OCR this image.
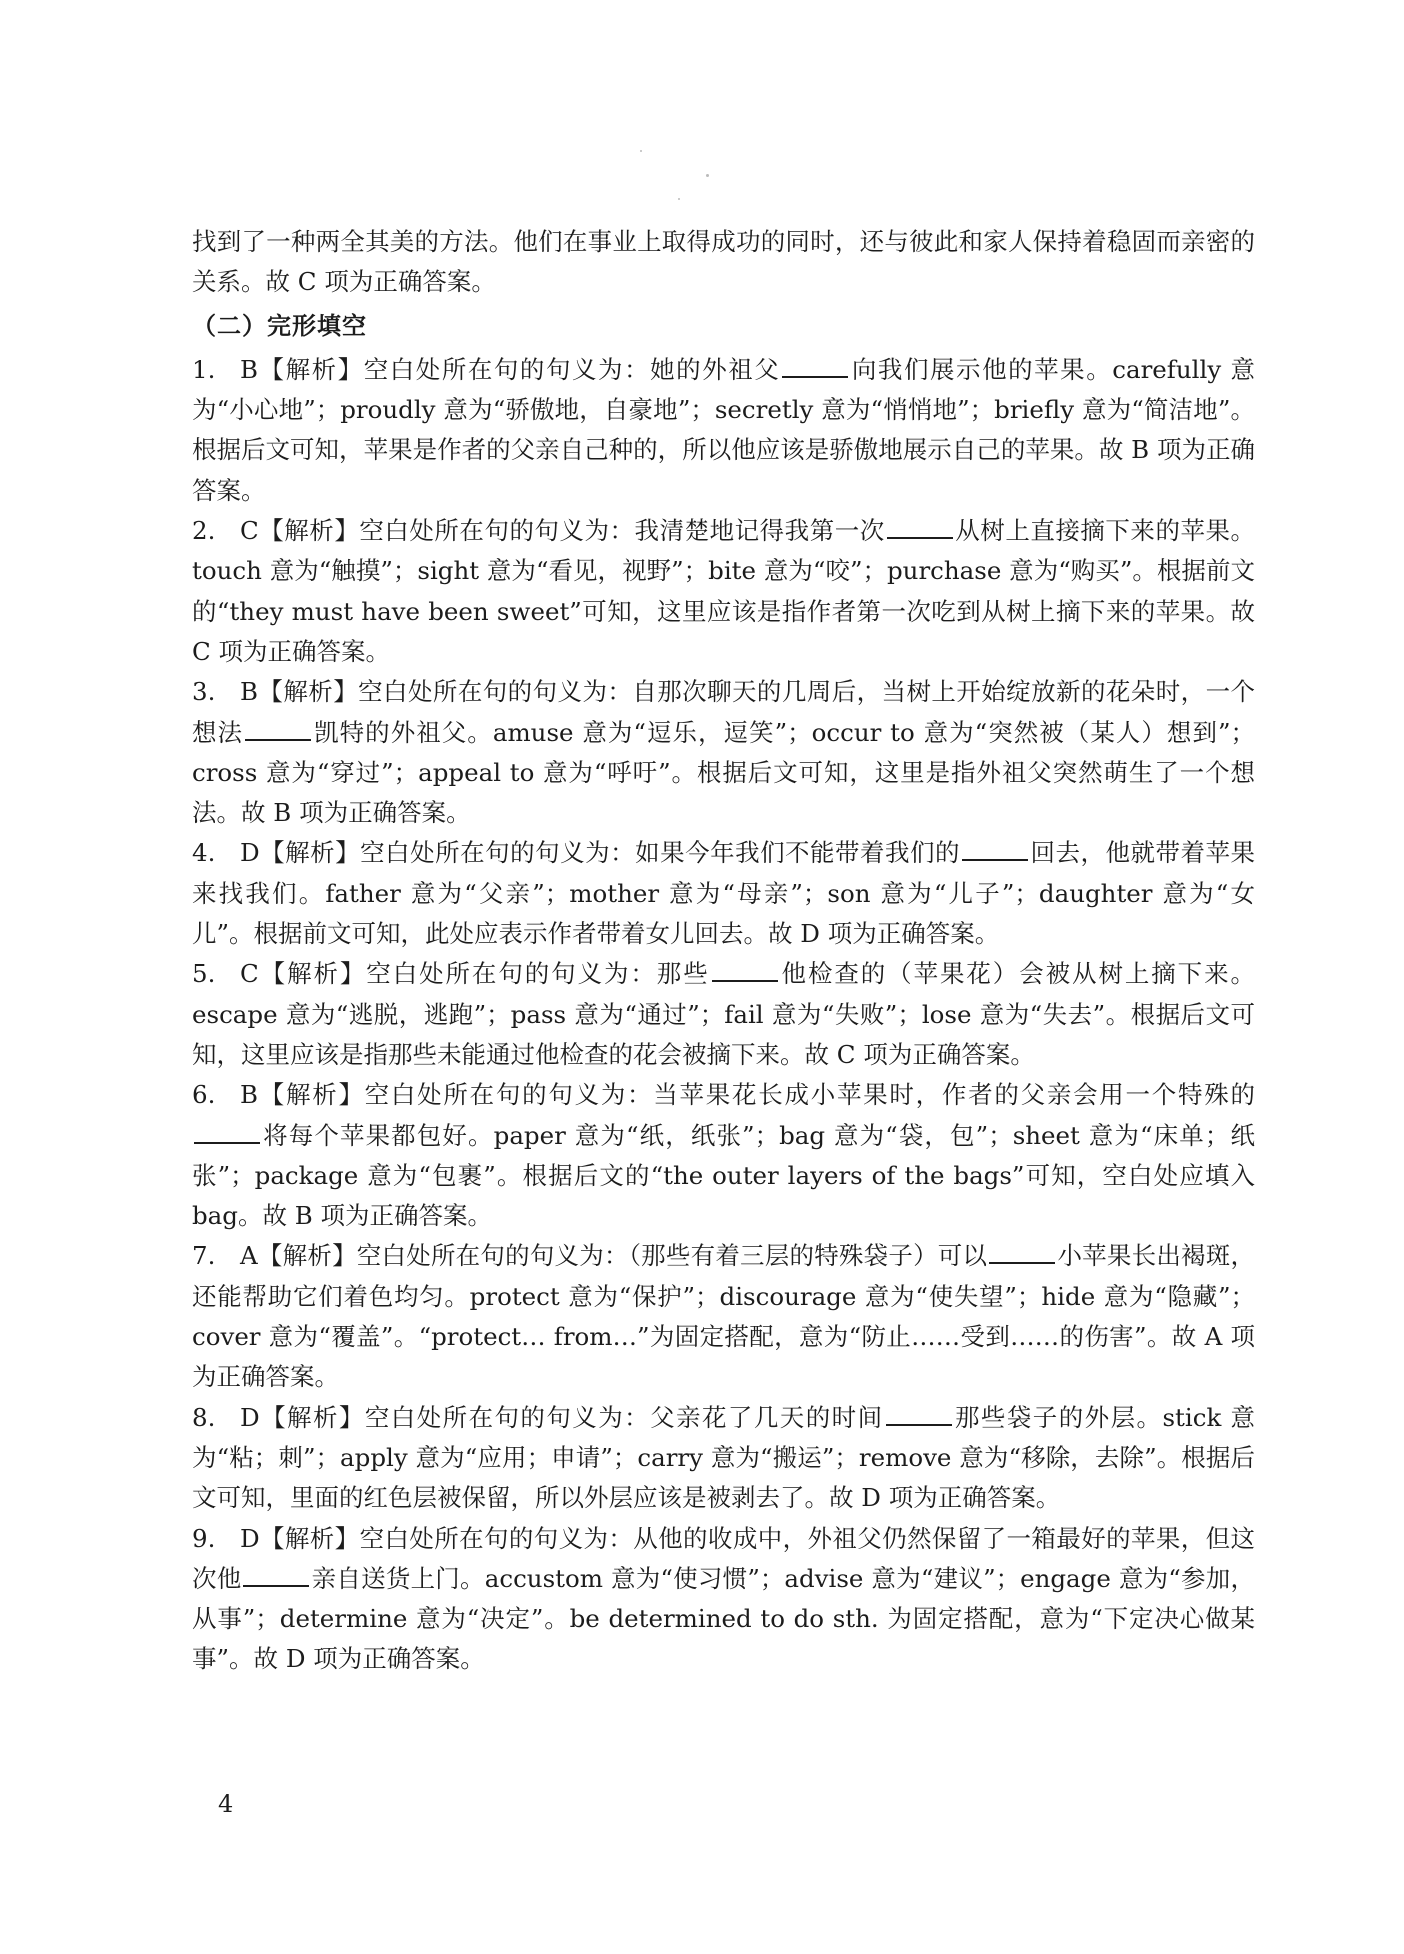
找到了一种两全其美的方法。他们在事业上取得成功的同时，还与彼此和家人保持着稳固而亲密的关系。故 C 项为正确答案。

（二）完形填空

1. B【解析】空白处所在句的句义为：她的外祖父	向我们展示他的苹果。carefully 意为“小心地”；proudly 意为“骄傲地，自豪地”；secretly 意为“悄悄地”；briefly 意为“简洁地”。根据后文可知，苹果是作者的父亲自己种的，所以他应该是骄傲地展示自己的苹果。故 B 项为正确答案。

2. C【解析】空白处所在句的句义为：我清楚地记得我第一次	从树上直接摘下来的苹果。touch 意为“触摸”；sight 意为“看见，视野”；bite 意为“咬”；purchase 意为“购买”。根据前文的“they must have been sweet”可知，这里应该是指作者第一次吃到从树上摘下来的苹果。故 C 项为正确答案。

3. B【解析】空白处所在句的句义为：自那次聊天的几周后，当树上开始绽放新的花朵时，一个想法	凯特的外祖父。amuse 意为“逗乐，逗笑”；occur to 意为“突然被（某人）想到”；cross 意为“穿过”；appeal to 意为“呼吁”。根据后文可知，这里是指外祖父突然萌生了一个想法。故 B 项为正确答案。

4. D【解析】空白处所在句的句义为：如果今年我们不能带着我们的	回去，他就带着苹果来找我们。father 意为“父亲”；mother 意为“母亲”；son 意为“儿子”；daughter 意为“女儿”。根据前文可知，此处应表示作者带着女儿回去。故 D 项为正确答案。

5. C【解析】空白处所在句的句义为：那些	他检查的（苹果花）会被从树上摘下来。escape 意为“逃脱，逃跑”；pass 意为“通过”；fail 意为“失败”；lose 意为“失去”。根据后文可知，这里应该是指那些未能通过他检查的花会被摘下来。故 C 项为正确答案。

6. B【解析】空白处所在句的句义为：当苹果花长成小苹果时，作者的父亲会用一个特殊的将每个苹果都包好。paper 意为“纸，纸张”；bag 意为“袋，包”；sheet 意为“床单；纸张”；package 意为“包裹”。根据后文的“the outer layers of the bags”可知，空白处应填入 bag。故 B 项为正确答案。

7. A【解析】空白处所在句的句义为：（那些有着三层的特殊袋子）可以	小苹果长出褐斑，还能帮助它们着色均匀。protect 意为“保护”；discourage 意为“使失望”；hide 意为“隐藏”；cover 意为“覆盖”。“protect… from…”为固定搭配，意为“防止……受到……的伤害”。故 A 项为正确答案。

8. D【解析】空白处所在句的句义为：父亲花了几天的时间	那些袋子的外层。stick 意为“粘；刺”；apply 意为“应用；申请”；carry 意为“搬运”；remove 意为“移除，去除”。根据后文可知，里面的红色层被保留，所以外层应该是被剥去了。故 D 项为正确答案。

9. D【解析】空白处所在句的句义为：从他的收成中，外祖父仍然保留了一箱最好的苹果，但这次他	亲自送货上门。accustom 意为“使习惯”；advise 意为“建议”；engage 意为“参加，从事”；determine 意为“决定”。be determined to do sth. 为固定搭配，意为“下定决心做某事”。故 D 项为正确答案。

4
